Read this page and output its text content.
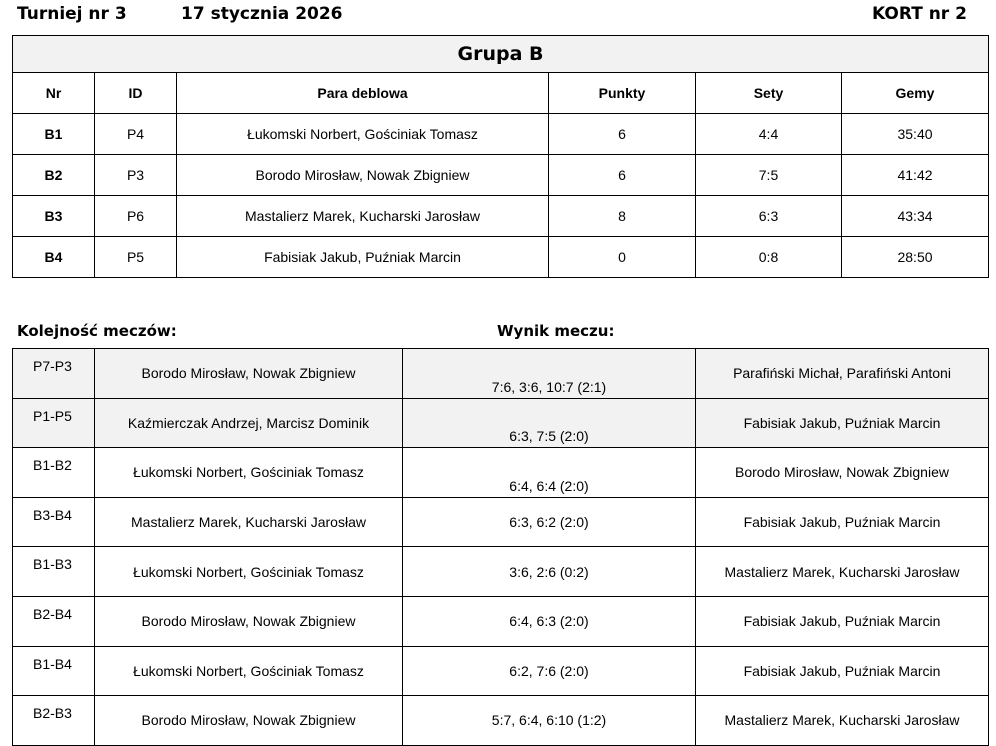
Turniej nr 3	17 stycznia 2026	KORT nr 2
Grupa B					
Nr	ID	Para deblowa	Punkty	Sety	Gemy
B1	P4	Łukomski Norbert, Gościniak Tomasz	6	4:4	35:40
B2	P3	Borodo Mirosław, Nowak Zbigniew	6	7:5	41:42
B3	P6	Mastalierz Marek, Kucharski Jarosław	8	6:3	43:34
B4	P5	Fabisiak Jakub, Puźniak Marcin	0	0:8	28:50
Kolejność meczów:	Wynik meczu:
P7-P3	Borodo Mirosław, Nowak Zbigniew	7:6, 3:6, 10:7 (2:1)	Parafiński Michał, Parafiński Antoni
P1-P5	Kaźmierczak Andrzej, Marcisz Dominik	6:3, 7:5 (2:0)	Fabisiak Jakub, Puźniak Marcin
B1-B2	Łukomski Norbert, Gościniak Tomasz	6:4, 6:4 (2:0)	Borodo Mirosław, Nowak Zbigniew
B3-B4	Mastalierz Marek, Kucharski Jarosław	6:3, 6:2 (2:0)	Fabisiak Jakub, Puźniak Marcin
B1-B3	Łukomski Norbert, Gościniak Tomasz	3:6, 2:6 (0:2)	Mastalierz Marek, Kucharski Jarosław
B2-B4	Borodo Mirosław, Nowak Zbigniew	6:4, 6:3 (2:0)	Fabisiak Jakub, Puźniak Marcin
B1-B4	Łukomski Norbert, Gościniak Tomasz	6:2, 7:6 (2:0)	Fabisiak Jakub, Puźniak Marcin
B2-B3	Borodo Mirosław, Nowak Zbigniew	5:7, 6:4, 6:10 (1:2)	Mastalierz Marek, Kucharski Jarosław
